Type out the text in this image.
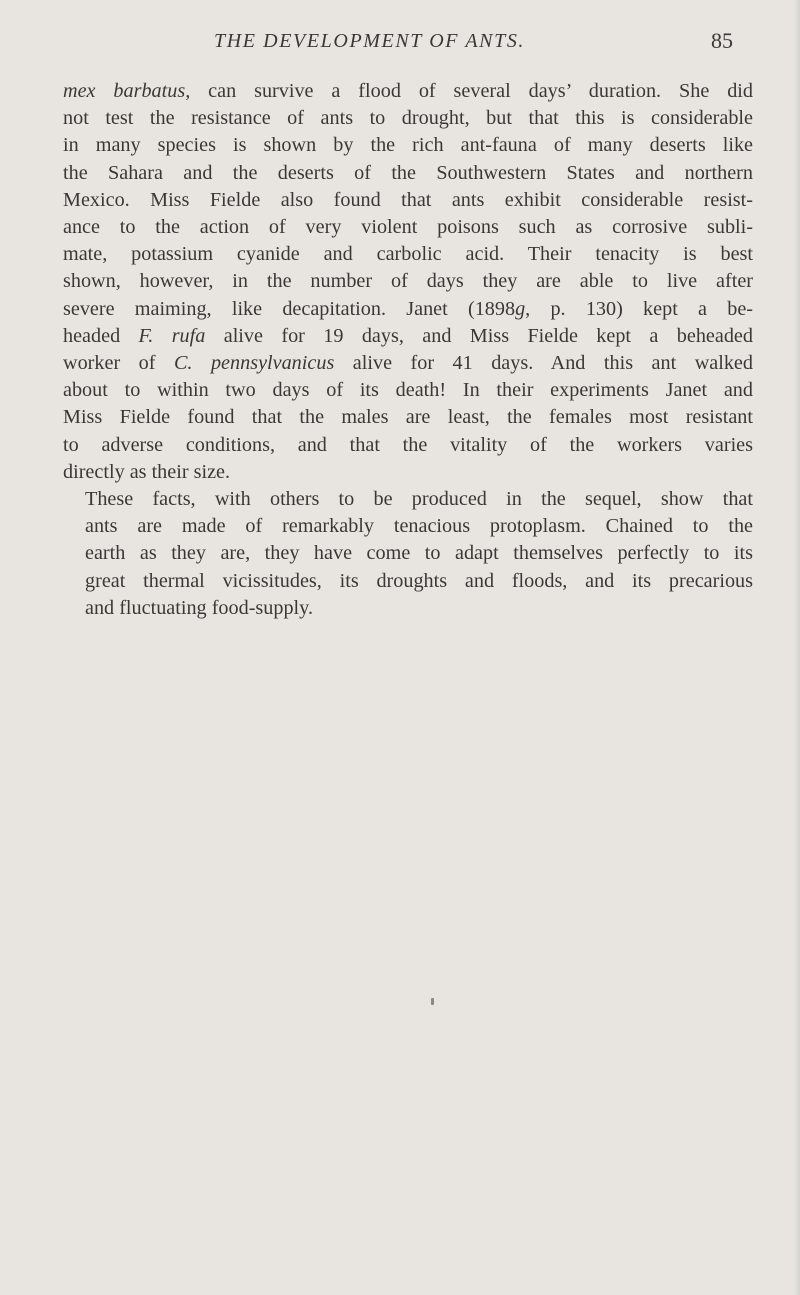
THE DEVELOPMENT OF ANTS.	85

mex barbatus, can survive a flood of several days’ duration. She did
not test the resistance of ants to drought, but that this is considerable
in many species is shown by the rich ant-fauna of many deserts like
the Sahara and the deserts of the Southwestern States and northern
Mexico. Miss Fielde also found that ants exhibit considerable resist-
ance to the action of very violent poisons such as corrosive subli-
mate, potassium cyanide and carbolic acid. Their tenacity is best
shown, however, in the number of days they are able to live after
severe maiming, like decapitation. Janet (1898g, p. 130) kept a be-
headed F. rufa alive for 19 days, and Miss Fielde kept a beheaded
worker of C. pennsylvanicus alive for 41 days. And this ant walked
about to within two days of its death! In their experiments Janet and
Miss Fielde found that the males are least, the females most resistant
to adverse conditions, and that the vitality of the workers varies
directly as their size.

These facts, with others to be produced in the sequel, show that
ants are made of remarkably tenacious protoplasm. Chained to the
earth as they are, they have come to adapt themselves perfectly to its
great thermal vicissitudes, its droughts and floods, and its precarious
and fluctuating food-supply.
